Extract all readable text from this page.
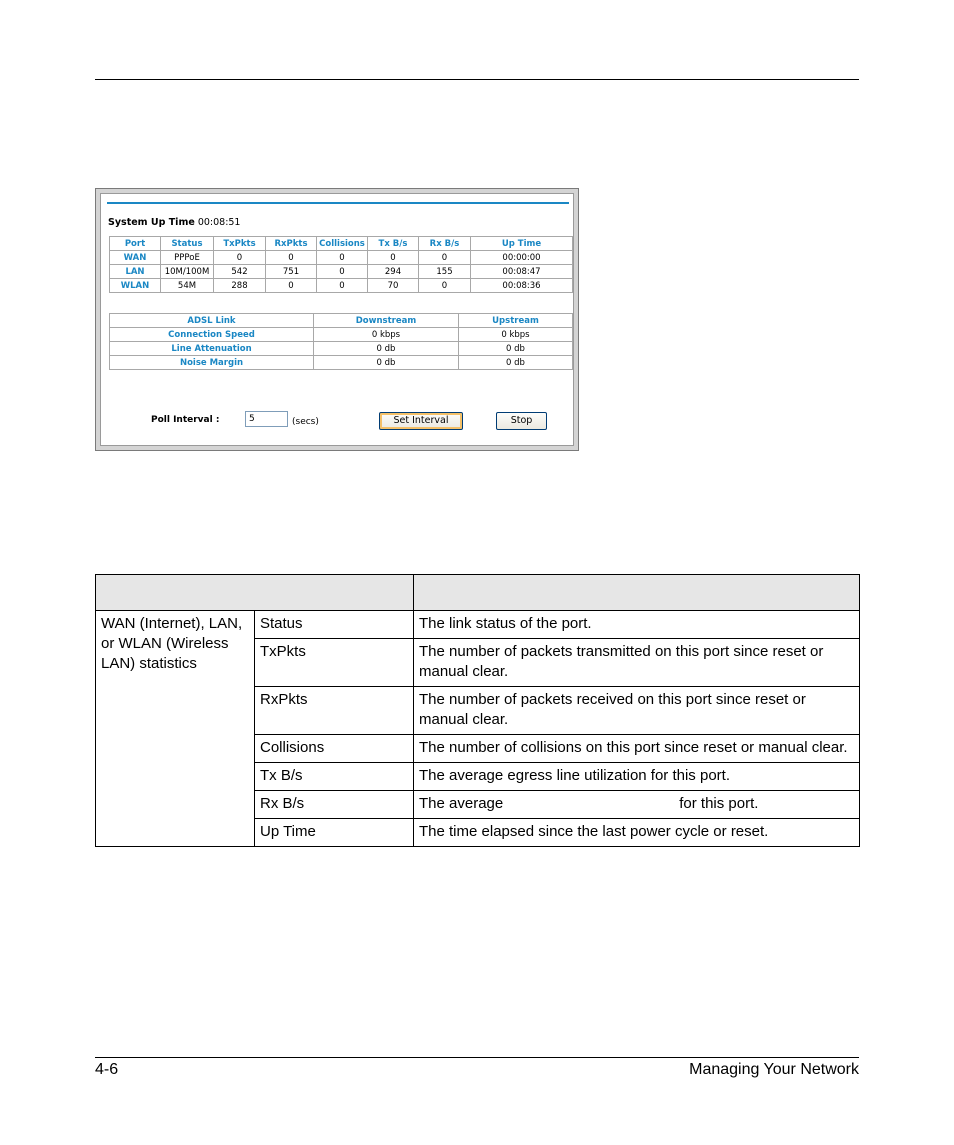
System Up Time 00:08:51
Port	Status	TxPkts	RxPkts	Collisions	Tx B/s	Rx B/s	Up Time
WAN	PPPoE	0	0	0	0	0	00:00:00
LAN	10M/100M	542	751	0	294	155	00:08:47
WLAN	54M	288	0	0	70	0	00:08:36
ADSL Link	Downstream	Upstream
Connection Speed	0 kbps	0 kbps
Line Attenuation	0 db	0 db
Noise Margin	0 db	0 db
Poll Interval :
5	(secs)	Set Interval	Stop

WAN (Internet), LAN, or WLAN (Wireless LAN) statistics	Status	The link status of the port.
	TxPkts	The number of packets transmitted on this port since reset or manual clear.
	RxPkts	The number of packets received on this port since reset or manual clear.
	Collisions	The number of collisions on this port since reset or manual clear.
	Tx B/s	The average egress line utilization for this port.
	Rx B/s	The average for this port.
	Up Time	The time elapsed since the last power cycle or reset.
4-6	Managing Your Network
